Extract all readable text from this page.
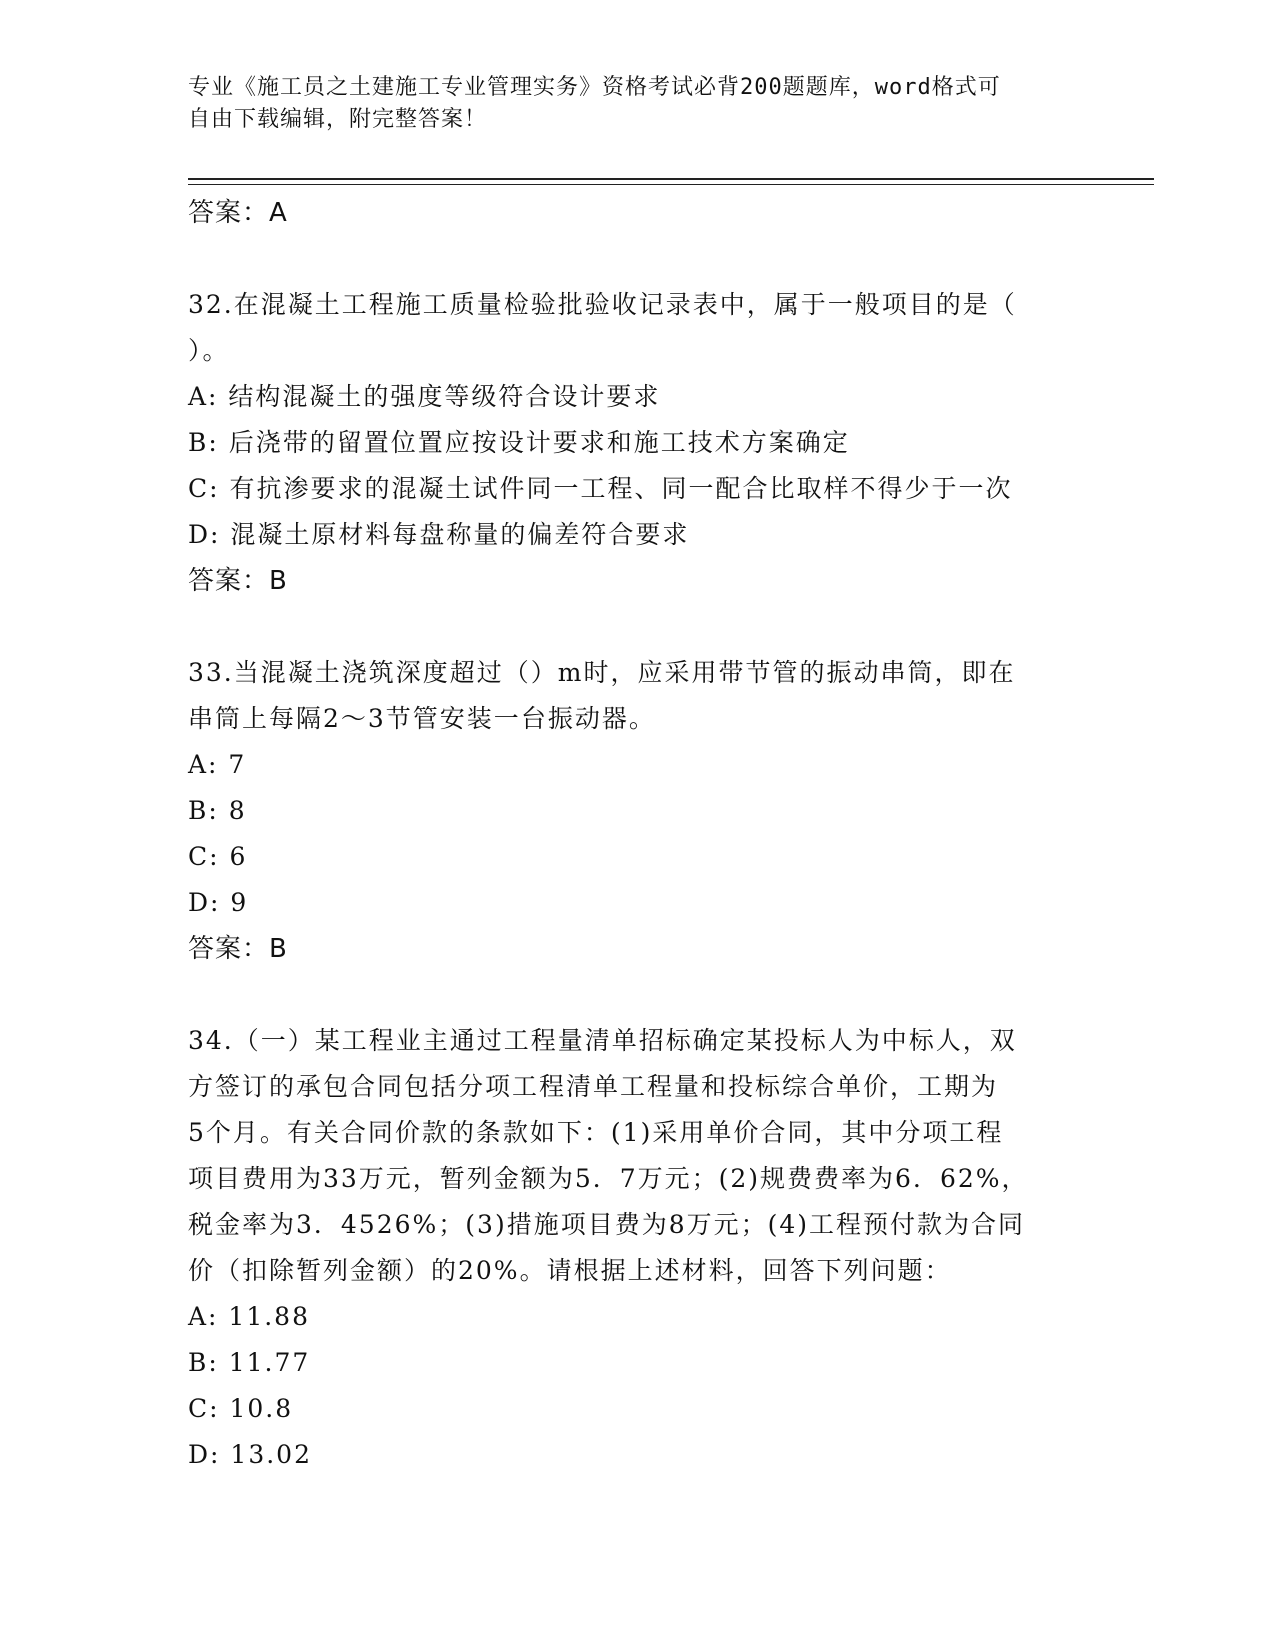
专业《施工员之土建施工专业管理实务》资格考试必背200题题库，word格式可
自由下载编辑，附完整答案！
答案：A
32.在混凝土工程施工质量检验批验收记录表中，属于一般项目的是（
）。
A: 结构混凝土的强度等级符合设计要求
B: 后浇带的留置位置应按设计要求和施工技术方案确定
C: 有抗渗要求的混凝土试件同一工程、同一配合比取样不得少于一次
D: 混凝土原材料每盘称量的偏差符合要求
答案：B
33.当混凝土浇筑深度超过（）m时，应采用带节管的振动串筒，即在
串筒上每隔2～3节管安装一台振动器。
A: 7
B: 8
C: 6
D: 9
答案：B
34.（一）某工程业主通过工程量清单招标确定某投标人为中标人，双
方签订的承包合同包括分项工程清单工程量和投标综合单价，工期为
5个月。有关合同价款的条款如下：(1)采用单价合同，其中分项工程
项目费用为33万元，暂列金额为5．7万元；(2)规费费率为6．62%，
税金率为3．4526%；(3)措施项目费为8万元；(4)工程预付款为合同
价（扣除暂列金额）的20%。请根据上述材料，回答下列问题：
A: 11.88
B: 11.77
C: 10.8
D: 13.02
